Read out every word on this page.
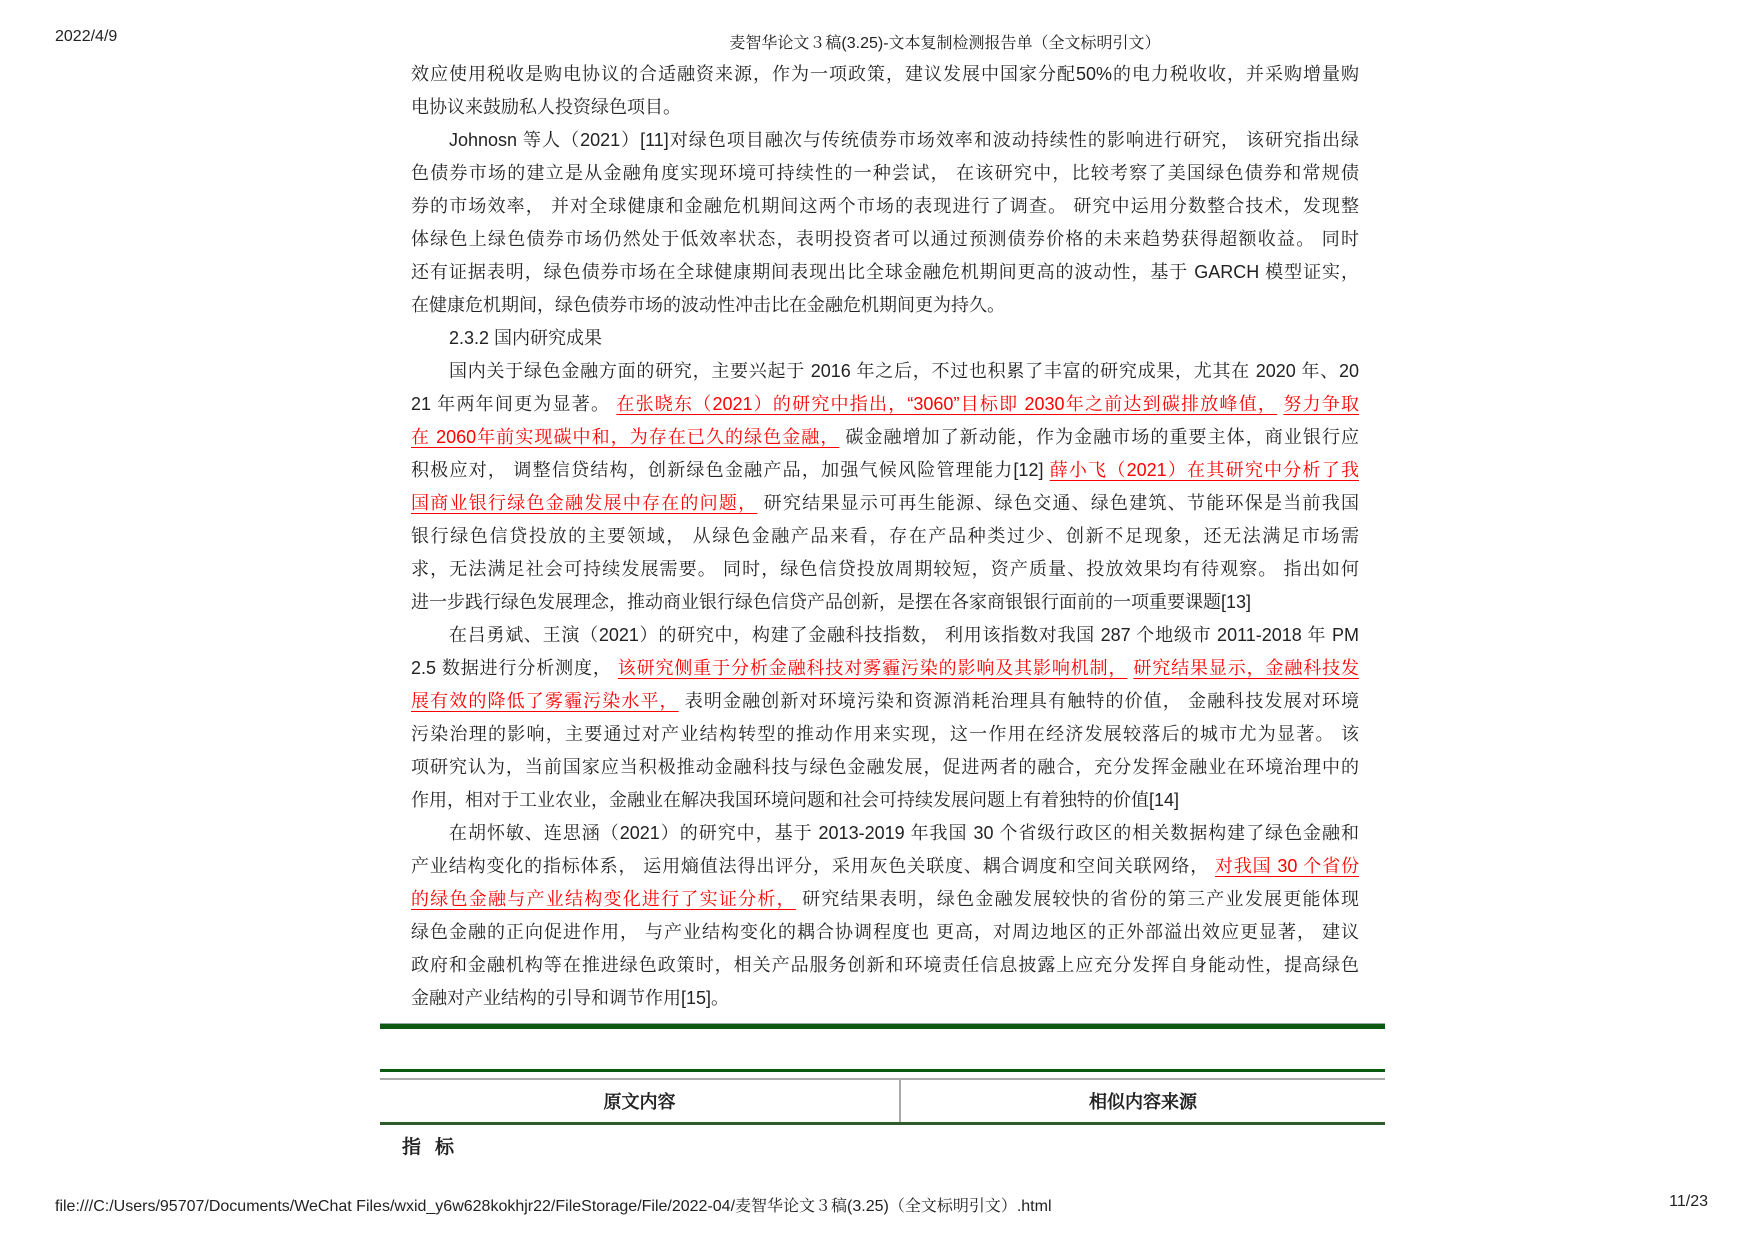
2022/4/9	麦智华论文３稿(3.25)-文本复制检测报告单（全文标明引文）
效应使用税收是购电协议的合适融资来源，作为一项政策，建议发展中国家分配50%的电力税收收，并采购增量购
电协议来鼓励私人投资绿色项目。
Johnosn 等人（2021）[11]对绿色项目融次与传统债券市场效率和波动持续性的影响进行研究， 该研究指出绿
色债券市场的建立是从金融角度实现环境可持续性的一种尝试， 在该研究中，比较考察了美国绿色债券和常规债
券的市场效率， 并对全球健康和金融危机期间这两个市场的表现进行了调查。 研究中运用分数整合技术，发现整
体绿色上绿色债券市场仍然处于低效率状态，表明投资者可以通过预测债券价格的未来趋势获得超额收益。 同时
还有证据表明，绿色债券市场在全球健康期间表现出比全球金融危机期间更高的波动性，基于 GARCH 模型证实，
在健康危机期间，绿色债券市场的波动性冲击比在金融危机期间更为持久。
2.3.2 国内研究成果
国内关于绿色金融方面的研究，主要兴起于 2016 年之后，不过也积累了丰富的研究成果，尤其在 2020 年、20
21 年两年间更为显著。 在张晓东（2021）的研究中指出，“3060”目标即 2030年之前达到碳排放峰值， 努力争取
在 2060年前实现碳中和，为存在已久的绿色金融， 碳金融增加了新动能，作为金融市场的重要主体，商业银行应
积极应对， 调整信贷结构，创新绿色金融产品，加强气候风险管理能力[12] 薛小飞（2021）在其研究中分析了我
国商业银行绿色金融发展中存在的问题， 研究结果显示可再生能源、绿色交通、绿色建筑、节能环保是当前我国
银行绿色信贷投放的主要领域， 从绿色金融产品来看，存在产品种类过少、创新不足现象，还无法满足市场需
求，无法满足社会可持续发展需要。 同时，绿色信贷投放周期较短，资产质量、投放效果均有待观察。 指出如何
进一步践行绿色发展理念，推动商业银行绿色信贷产品创新，是摆在各家商银银行面前的一项重要课题[13]
在吕勇斌、王演（2021）的研究中，构建了金融科技指数， 利用该指数对我国 287 个地级市 2011-2018 年 PM
2.5 数据进行分析测度， 该研究侧重于分析金融科技对雾霾污染的影响及其影响机制， 研究结果显示，金融科技发
展有效的降低了雾霾污染水平， 表明金融创新对环境污染和资源消耗治理具有触特的价值， 金融科技发展对环境
污染治理的影响，主要通过对产业结构转型的推动作用来实现，这一作用在经济发展较落后的城市尤为显著。 该
项研究认为，当前国家应当积极推动金融科技与绿色金融发展，促进两者的融合，充分发挥金融业在环境治理中的
作用，相对于工业农业，金融业在解决我国环境问题和社会可持续发展问题上有着独特的价值[14]
在胡怀敏、连思涵（2021）的研究中，基于 2013-2019 年我国 30 个省级行政区的相关数据构建了绿色金融和
产业结构变化的指标体系， 运用熵值法得出评分，采用灰色关联度、耦合调度和空间关联网络， 对我国 30 个省份
的绿色金融与产业结构变化进行了实证分析， 研究结果表明，绿色金融发展较快的省份的第三产业发展更能体现
绿色金融的正向促进作用， 与产业结构变化的耦合协调程度也 更高，对周边地区的正外部溢出效应更显著， 建议
政府和金融机构等在推进绿色政策时，相关产品服务创新和环境责任信息披露上应充分发挥自身能动性，提高绿色
金融对产业结构的引导和调节作用[15]。
原文内容	相似内容来源
指标
file:///C:/Users/95707/Documents/WeChat Files/wxid_y6w628kokhjr22/FileStorage/File/2022-04/麦智华论文３稿(3.25)（全文标明引文）.html	11/23
